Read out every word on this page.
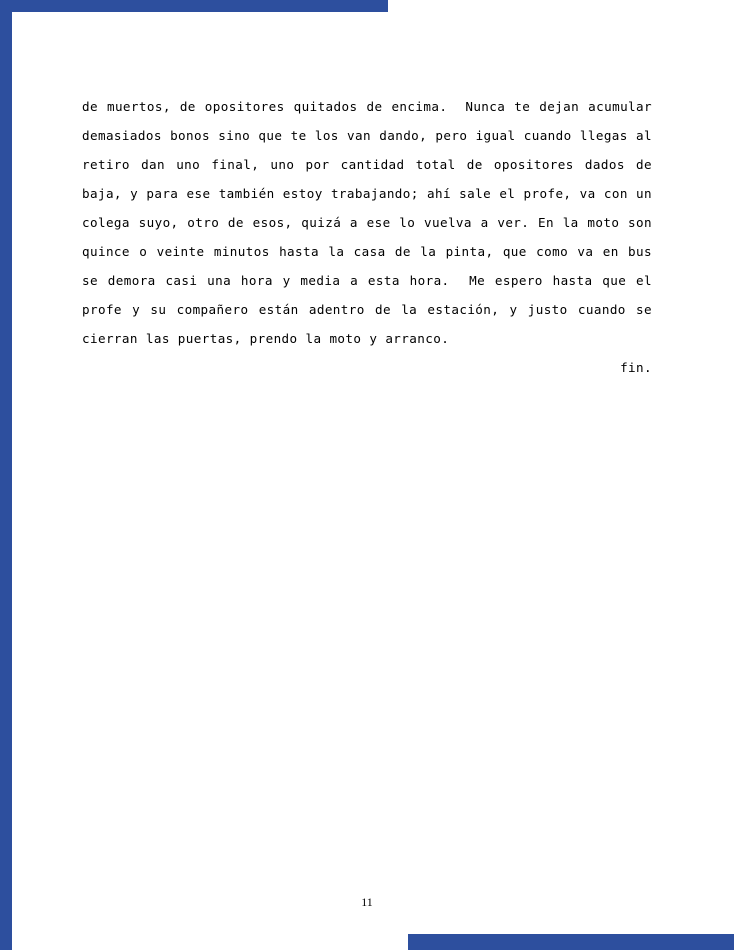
de muertos, de opositores quitados de encima.  Nunca te dejan acumular demasiados bonos sino que te los van dando, pero igual cuando llegas al retiro dan uno final, uno por cantidad total de opositores dados de baja, y para ese también estoy trabajando; ahí sale el profe, va con un colega suyo, otro de esos, quizá a ese lo vuelva a ver. En la moto son quince o veinte minutos hasta la casa de la pinta, que como va en bus se demora casi una hora y media a esta hora.  Me espero hasta que el profe y su compañero están adentro de la estación, y justo cuando se cierran las puertas, prendo la moto y arranco.

fin.

11
